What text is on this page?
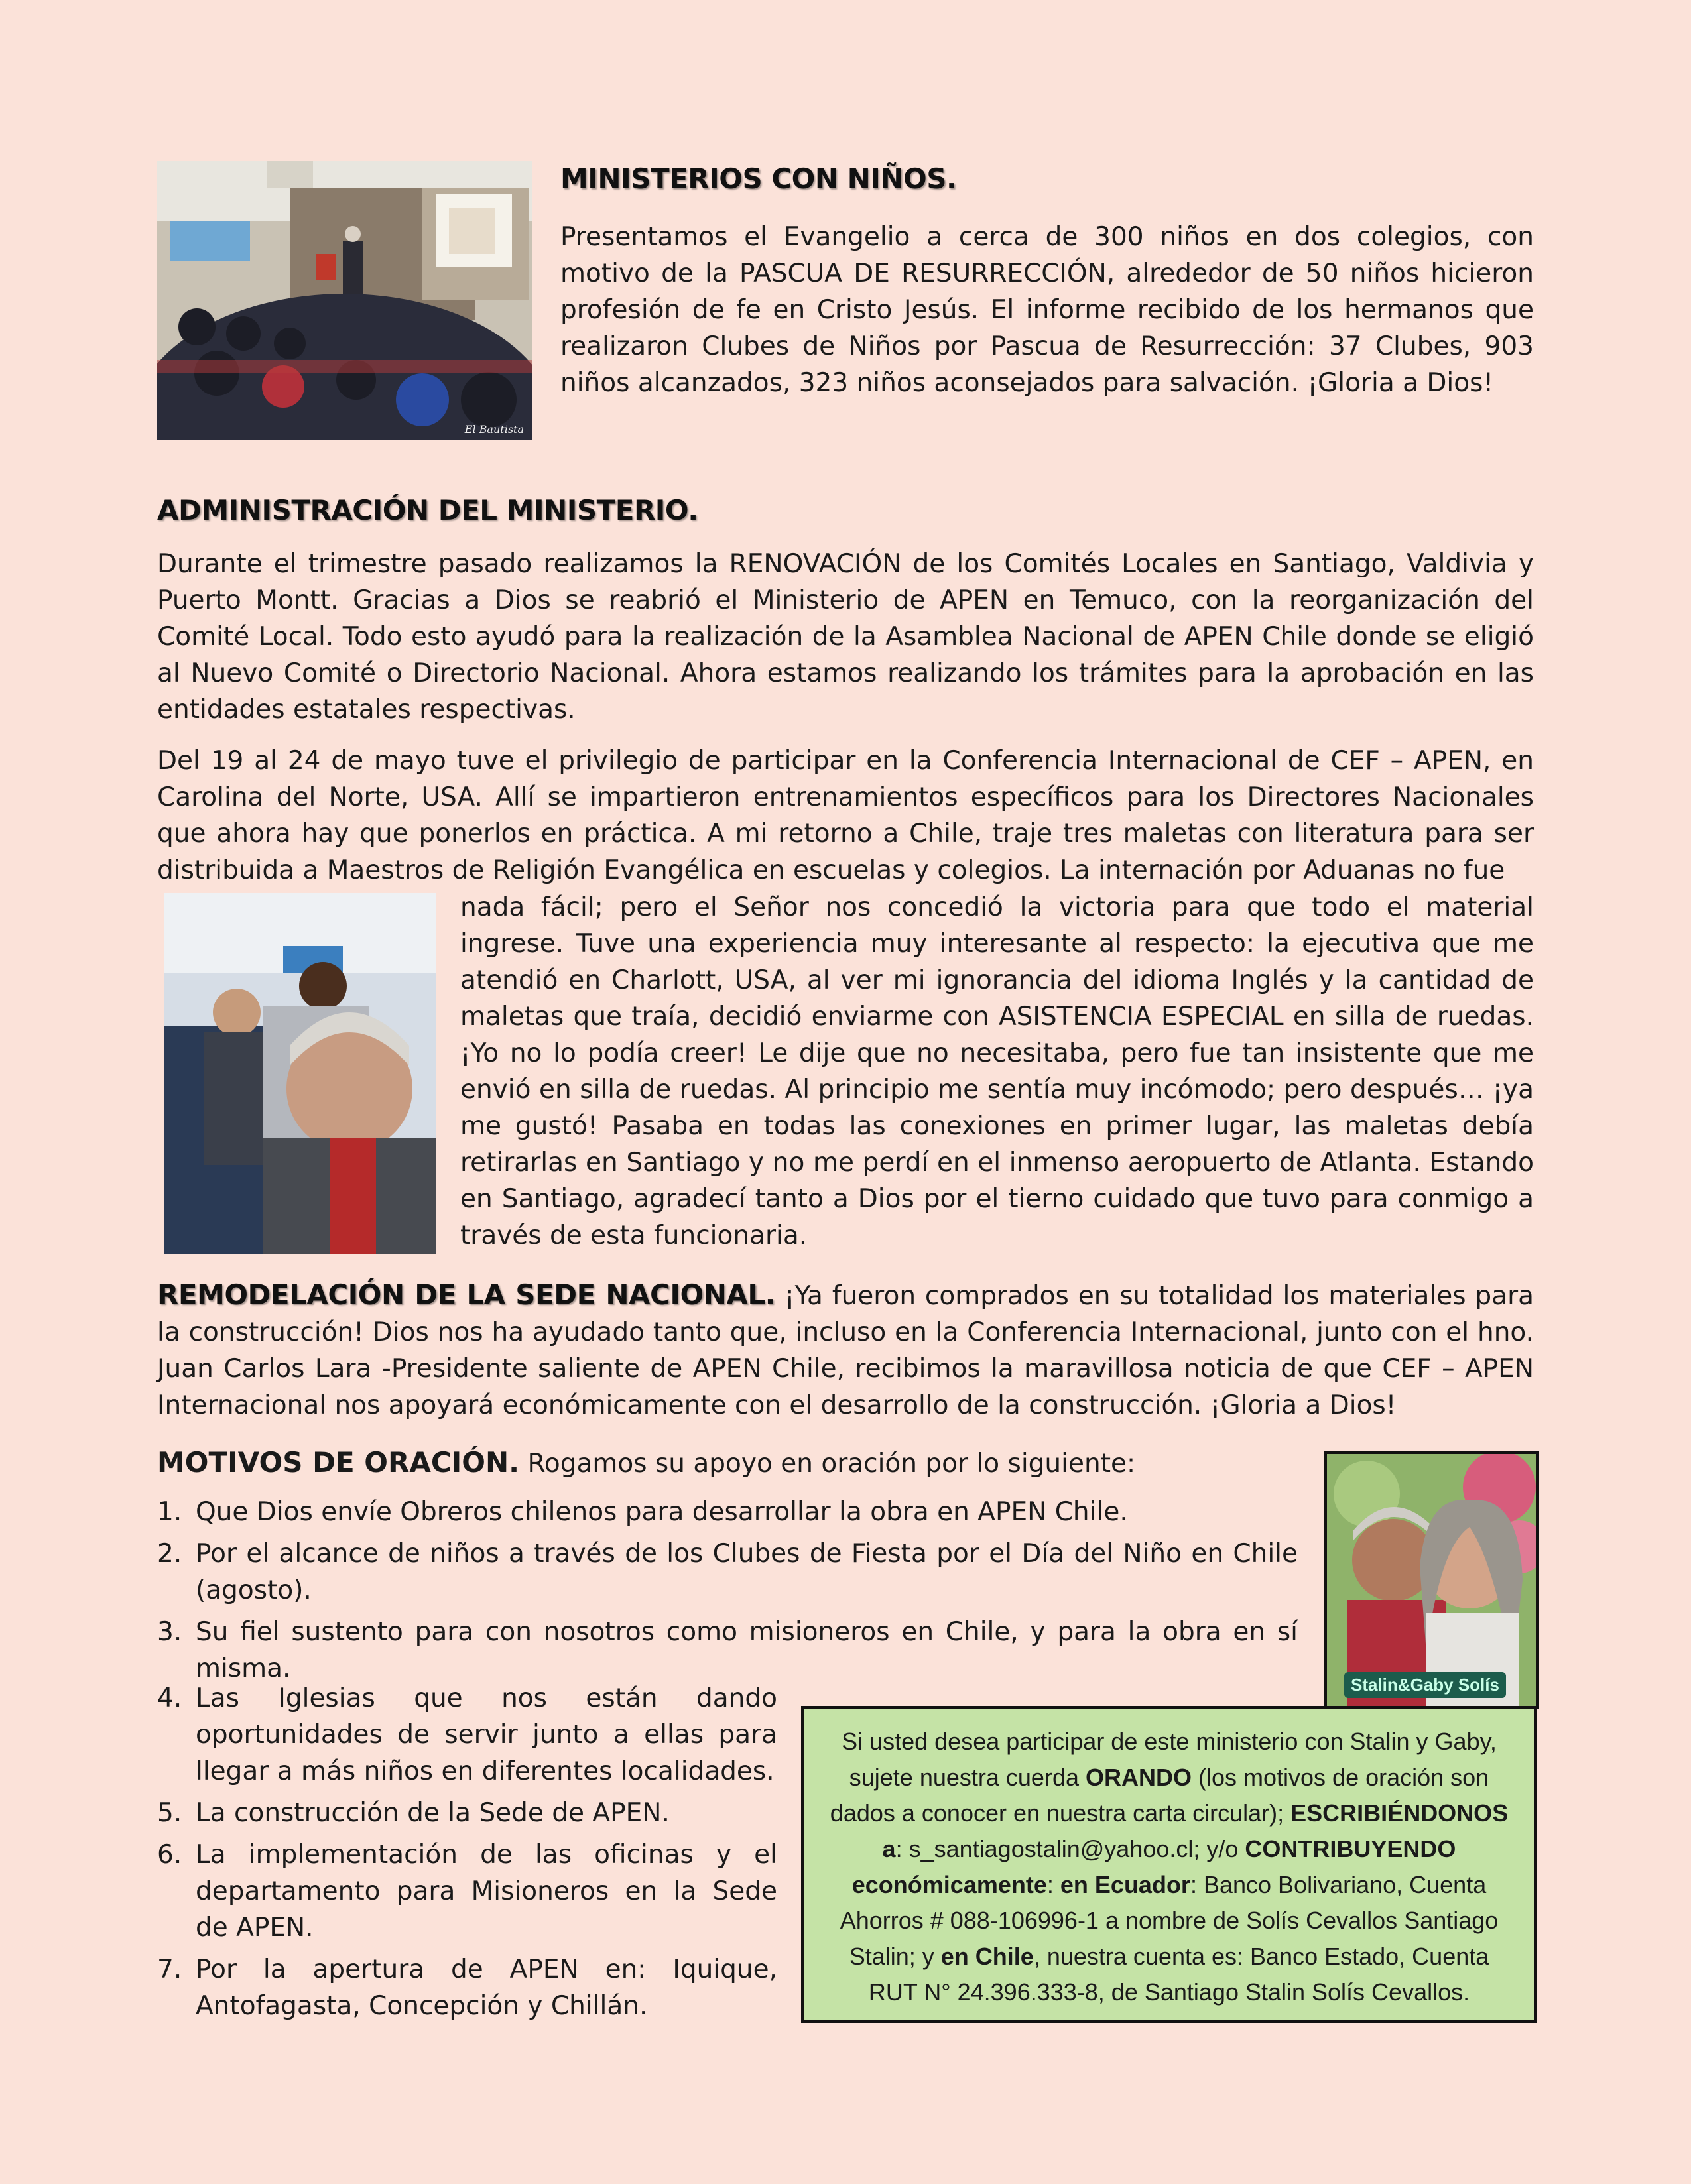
El Bautista
MINISTERIOS CON NIÑOS.

Presentamos el Evangelio a cerca de 300 niños en dos colegios, con motivo de la PASCUA DE RESURRECCIÓN, alrededor de 50 niños hicieron profesión de fe en Cristo Jesús. El informe recibido de los hermanos que realizaron Clubes de Niños por Pascua de Resurrección: 37 Clubes, 903 niños alcanzados, 323 niños aconsejados para salvación. ¡Gloria a Dios!

ADMINISTRACIÓN DEL MINISTERIO.

Durante el trimestre pasado realizamos la RENOVACIÓN de los Comités Locales en Santiago, Valdivia y Puerto Montt. Gracias a Dios se reabrió el Ministerio de APEN en Temuco, con la reorganización del Comité Local. Todo esto ayudó para la realización de la Asamblea Nacional de APEN Chile donde se eligió al Nuevo Comité o Directorio Nacional. Ahora estamos realizando los trámites para la aprobación en las entidades estatales respectivas.

Del 19 al 24 de mayo tuve el privilegio de participar en la Conferencia Internacional de CEF – APEN, en Carolina del Norte, USA. Allí se impartieron entrenamientos específicos para los Directores Nacionales que ahora hay que ponerlos en práctica. A mi retorno a Chile, traje tres maletas con literatura para ser distribuida a Maestros de Religión Evangélica en escuelas y colegios. La internación por Aduanas no fue

nada fácil; pero el Señor nos concedió la victoria para que todo el material ingrese. Tuve una experiencia muy interesante al respecto: la ejecutiva que me atendió en Charlott, USA, al ver mi ignorancia del idioma Inglés y la cantidad de maletas que traía, decidió enviarme con ASISTENCIA ESPECIAL en silla de ruedas. ¡Yo no lo podía creer! Le dije que no necesitaba, pero fue tan insistente que me envió en silla de ruedas. Al principio me sentía muy incómodo; pero después… ¡ya me gustó! Pasaba en todas las conexiones en primer lugar, las maletas debía retirarlas en Santiago y no me perdí en el inmenso aeropuerto de Atlanta. Estando en Santiago, agradecí tanto a Dios por el tierno cuidado que tuvo para conmigo a través de esta funcionaria.

REMODELACIÓN DE LA SEDE NACIONAL. ¡Ya fueron comprados en su totalidad los materiales para la construcción! Dios nos ha ayudado tanto que, incluso en la Conferencia Internacional, junto con el hno. Juan Carlos Lara -Presidente saliente de APEN Chile, recibimos la maravillosa noticia de que CEF – APEN Internacional nos apoyará económicamente con el desarrollo de la construcción. ¡Gloria a Dios!

MOTIVOS DE ORACIÓN. Rogamos su apoyo en oración por lo siguiente:
1. Que Dios envíe Obreros chilenos para desarrollar la obra en APEN Chile.
2. Por el alcance de niños a través de los Clubes de Fiesta por el Día del Niño en Chile (agosto).
3. Su fiel sustento para con nosotros como misioneros en Chile, y para la obra en sí misma.
4. Las Iglesias que nos están dando oportunidades de servir junto a ellas para llegar a más niños en diferentes localidades.
5. La construcción de la Sede de APEN.
6. La implementación de las oficinas y el departamento para Misioneros en la Sede de APEN.
7. Por la apertura de APEN en: Iquique, Antofagasta, Concepción y Chillán.
Stalin&Gaby Solís
Si usted desea participar de este ministerio con Stalin y Gaby, sujete nuestra cuerda ORANDO (los motivos de oración son dados a conocer en nuestra carta circular); ESCRIBIÉNDONOS a: s_santiagostalin@yahoo.cl; y/o CONTRIBUYENDO económicamente: en Ecuador: Banco Bolivariano, Cuenta Ahorros # 088-106996-1 a nombre de Solís Cevallos Santiago Stalin; y en Chile, nuestra cuenta es: Banco Estado, Cuenta RUT N° 24.396.333-8, de Santiago Stalin Solís Cevallos.
